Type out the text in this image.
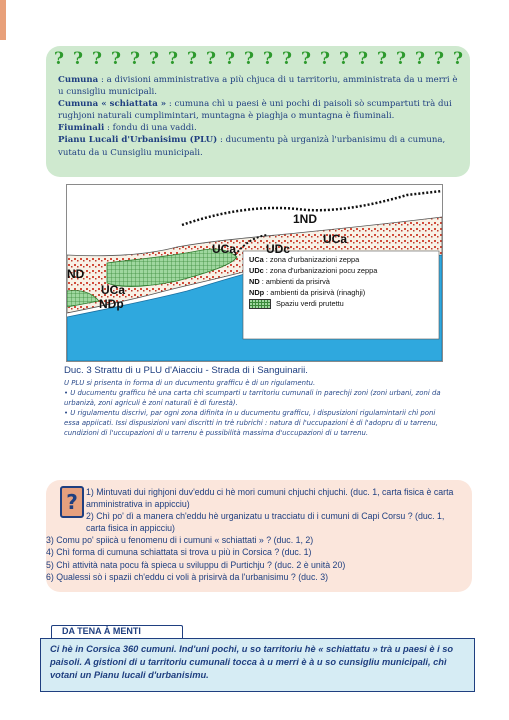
? ? ? ? ? ? ? ? ? ? ? ? ? ? ? ? ? ? ? ? ? ?

Cumuna : a divisioni amministrativa a più chjuca di u tarritoriu, amministrata da u merri è u cunsigliu municipali.

Cumuna « schiattata » : cumuna chì u paesi è uni pochi di paisoli sò scumpartuti trà dui rughjoni naturali cumplimintari, muntagna è piaghja o muntagna è fiuminali.

Fiuminali : fondu di una vaddi.

Pianu Lucali d'Urbanisimu (PLU) : ducumentu pà urganizà l'urbanisimu di a cumuna, vutatu da u Cunsigliu municipali.

1ND
UCa UDc
UCa
UCa
NDp
ND
UCa : zona d'urbanizazioni zeppa
UDc : zona d'urbanizazioni pocu zeppa
ND : ambienti da prisirvà
NDp : ambienti da prisirvà (rinaghji)
Spaziu verdi prutettu
Duc. 3 Strattu di u PLU d'Aiacciu - Strada di i Sanguinarii.

U PLU si prisenta in forma di un ducumentu grafficu è di un rigulamentu.

• U ducumentu grafficu hè una carta chì scumparti u tarritoriu cumunali in parechji zoni (zoni urbani, zoni da urbanizà, zoni agriculi è zoni naturali è di furestà).

• U rigulamentu discrivi, par ogni zona difinita in u ducumentu grafficu, i dispusizioni rigulamintarii chì poni essa appiicati. Issi dispusizioni vani discritti in trè rubrichi : natura di l'uccupazioni è di l'adopru di u tarrenu, cundizioni di l'uccupazioni di u tarrenu è pussibilità massima d'uccupazioni di u tarrenu.

? 1) Mintuvati dui righjoni duv'eddu ci hè mori cumuni chjuchi chjuchi. (duc. 1, carta fisica è carta amministrativa in appicciu)
2) Chì po' dì a manera ch'eddu hè urganizatu u tracciatu di i cumuni di Capi Corsu ? (duc. 1, carta fisica in appicciu)
3) Comu po' spiicà u fenomenu di i cumuni « schiattati » ? (duc. 1, 2)
4) Chì forma di cumuna schiattata si trova u più in Corsica ? (duc. 1)
5) Chì attività nata pocu fà spieca u sviluppu di Purtichju ? (duc. 2 è unità 20)
6) Qualessi sò i spazii ch'eddu ci voli à prisirvà da l'urbanisimu ? (duc. 3)
DA TENA À MENTI
Ci hè in Corsica 360 cumuni. Ind'uni pochi, u so tarritoriu hè « schiattatu » trà u paesi è i so paisoli. A gistioni di u tarritoriu cumunali tocca à u merri è à u so cunsigliu municipali, chì votani un Pianu lucali d'urbanisimu.
